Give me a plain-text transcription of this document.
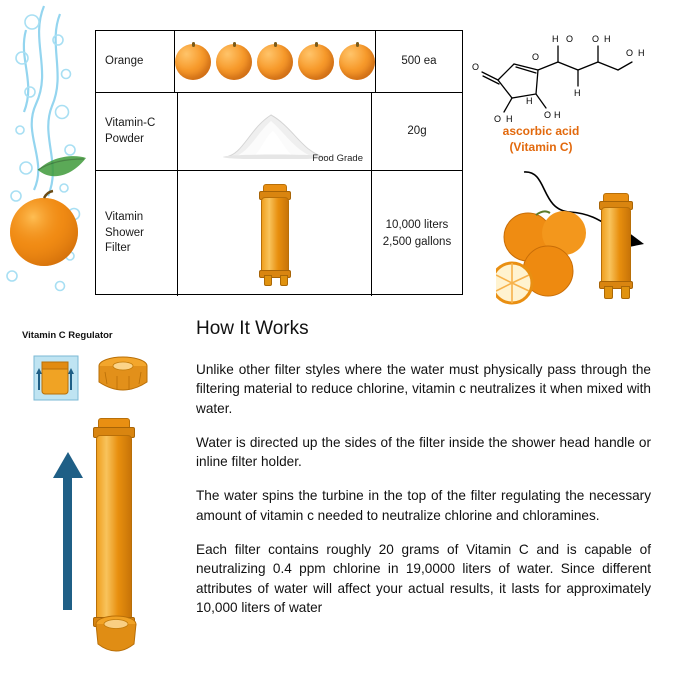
Orange	500 ea
Vitamin-C
Powder
Food Grade
20g
Vitamin
Shower
Filter
10,000 liters
2,500 gallons
O
O H	O H
H O
H
O H
O H
O
H
ascorbic acid
(Vitamin C)
How It Works

Unlike other filter styles where the water must physically pass through the filtering material to reduce chlorine, vitamin c neutralizes it when mixed with water.

Water is directed up the sides of the filter inside the shower head handle or inline filter holder.

The water spins the turbine in the top of the filter regulating the necessary amount of vitamin c needed to neutralize chlorine and chloramines.

Each filter contains roughly 20 grams of Vitamin C and is capable of neutralizing 0.4 ppm chlorine in 19,0000 liters of water. Since different attributes of water will affect your actual results, it lasts for approximately 10,000 liters of water

Vitamin C Regulator
